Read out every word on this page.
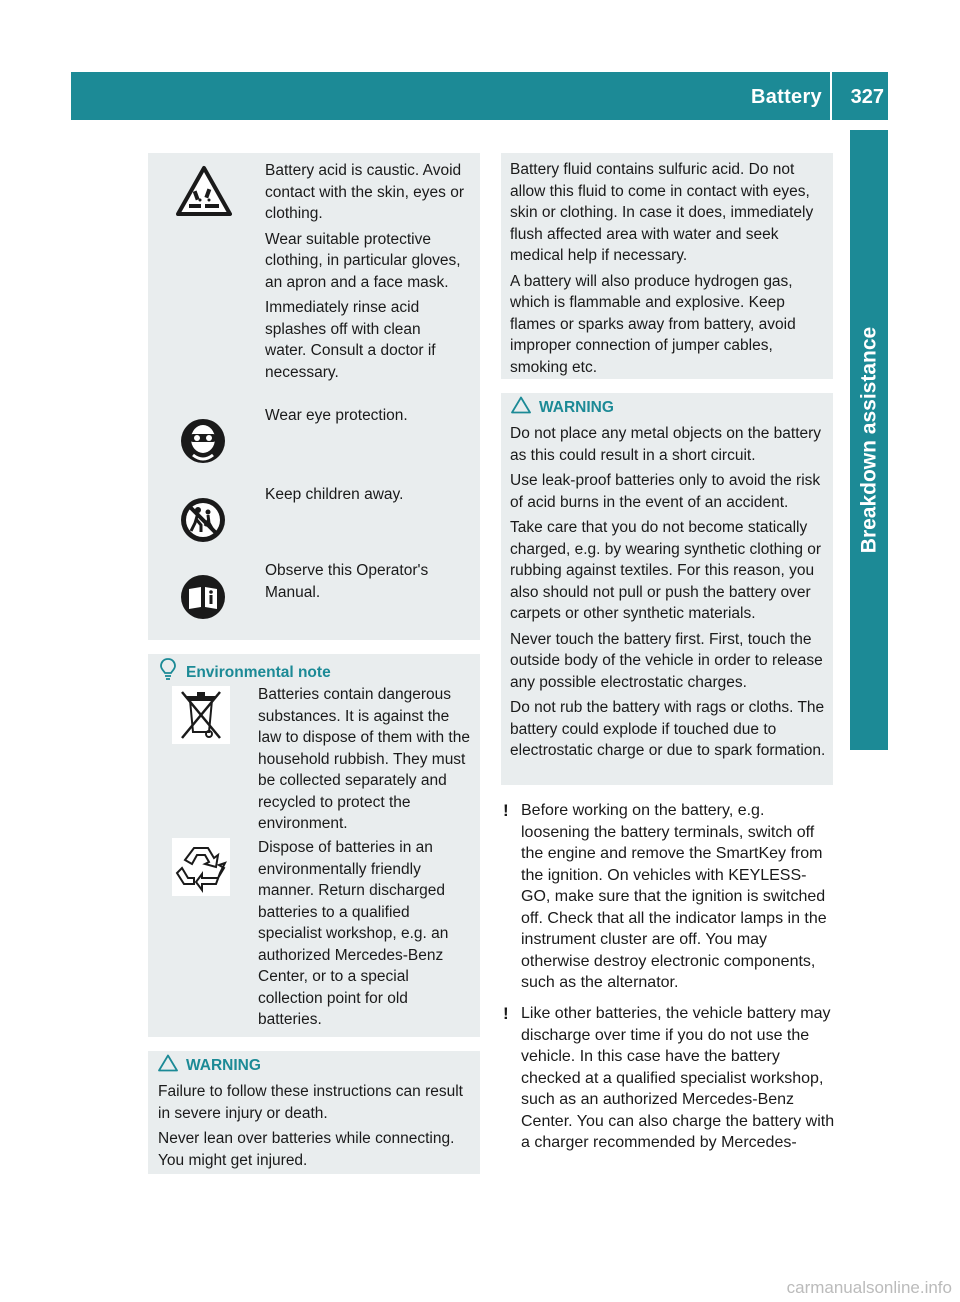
Battery 327
Breakdown assistance

Battery acid is caustic. Avoid contact with the skin, eyes or clothing.

Wear suitable protective clothing, in particular gloves, an apron and a face mask.

Immediately rinse acid splashes off with clean water. Consult a doctor if necessary.

Wear eye protection.

Keep children away.

Observe this Operator's Manual.

Environmental note

Batteries contain dangerous substances. It is against the law to dispose of them with the household rubbish. They must be collected separately and recycled to protect the environment.

Dispose of batteries in an environmentally friendly manner. Return discharged batteries to a qualified specialist workshop, e.g. an authorized Mercedes-Benz Center, or to a special collection point for old batteries.

WARNING

Failure to follow these instructions can result in severe injury or death.

Never lean over batteries while connecting. You might get injured.

Battery fluid contains sulfuric acid. Do not allow this fluid to come in contact with eyes, skin or clothing. In case it does, immediately flush affected area with water and seek medical help if necessary.

A battery will also produce hydrogen gas, which is flammable and explosive. Keep flames or sparks away from battery, avoid improper connection of jumper cables, smoking etc.

WARNING

Do not place any metal objects on the battery as this could result in a short circuit.

Use leak-proof batteries only to avoid the risk of acid burns in the event of an accident.

Take care that you do not become statically charged, e.g. by wearing synthetic clothing or rubbing against textiles. For this reason, you also should not pull or push the battery over carpets or other synthetic materials.

Never touch the battery first. First, touch the outside body of the vehicle in order to release any possible electrostatic charges.

Do not rub the battery with rags or cloths. The battery could explode if touched due to electrostatic charge or due to spark formation.

! Before working on the battery, e.g. loosening the battery terminals, switch off the engine and remove the SmartKey from the ignition. On vehicles with KEYLESS-GO, make sure that the ignition is switched off. Check that all the indicator lamps in the instrument cluster are off. You may otherwise destroy electronic components, such as the alternator.
! Like other batteries, the vehicle battery may discharge over time if you do not use the vehicle. In this case have the battery checked at a qualified specialist workshop, such as an authorized Mercedes-Benz Center. You can also charge the battery with a charger recommended by Mercedes-
carmanualsonline.info
